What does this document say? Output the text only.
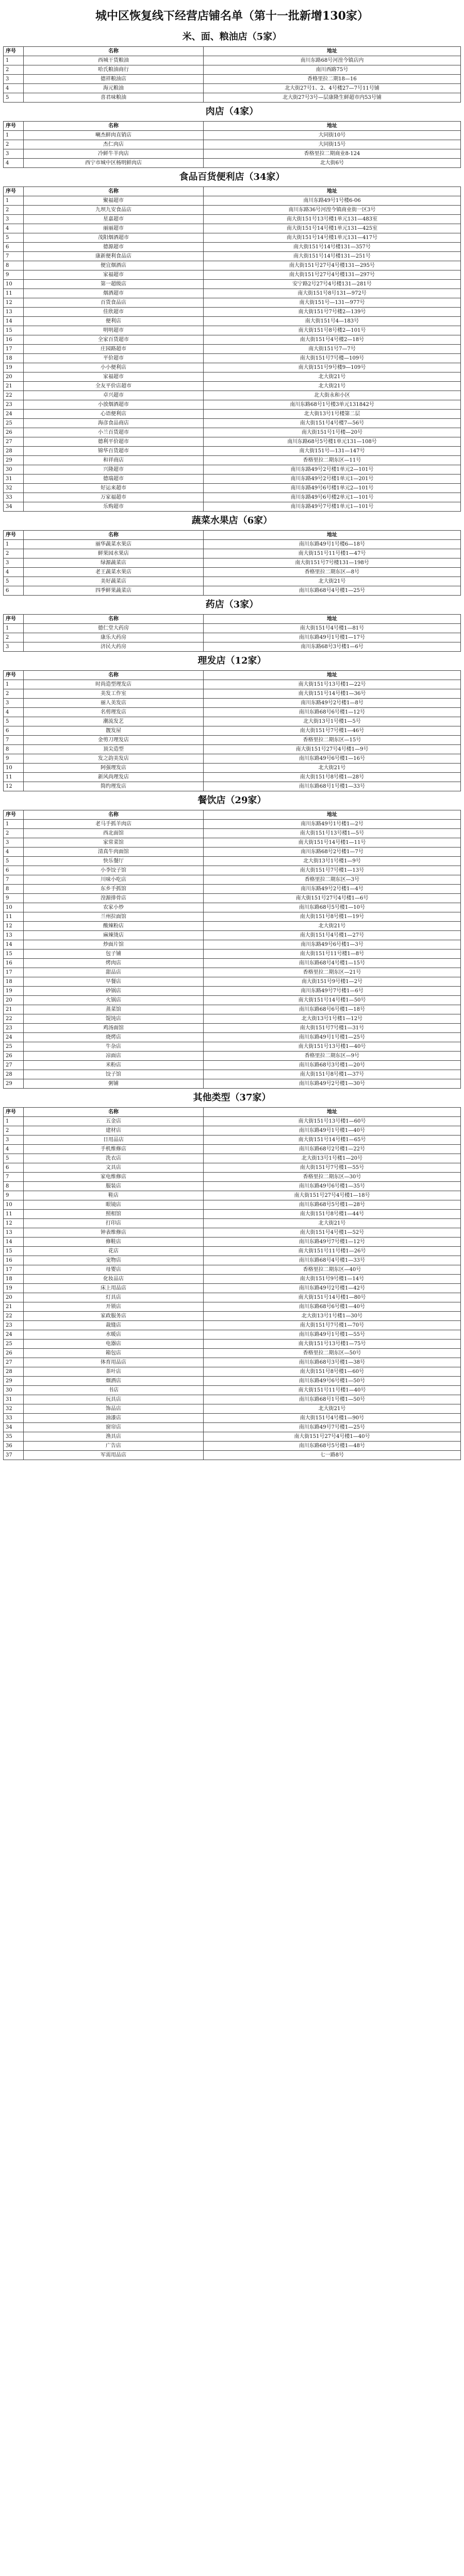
城中区恢复线下经营店铺名单（第十一批新增130家）
米、面、粮油店（5家）
序号	名称	地址
1	西城干货粮油	南川东路68号河湟今镇店内
2	哈氏粮油商行	南川西路75号
3	德祥粮油店	香格里拉二期18—16
4	海元粮油	北大街27号1、2、4号楼27—7号11号铺
5	喜君味粮油	北大街27号3号—层康隆生鲜超市内53号铺
肉店（4家）
序号	名称	地址
1	喇杰鲜肉直销店	大同街10号
2	杰仁肉店	大同街15号
3	冷鲜牛羊肉店	香格里拉二期商业8-124
4	西宁市城中区杨明鲜肉店	北大街6号
食品百货便利店（34家）
序号	名称	地址
1	聚福超市	南川东路49号1号楼6-06
2	九坝九安食品店	南川东路36号河湟今镇商业街一区3号
3	星嘉超市	南大街151号13号楼1单元131—483室
4	丽丽超市	南大街151号14号楼1单元131—425室
5	茂阳烟酒超市	南大街151号14号楼1单元131—417号
6	德源超市	南大街151号14号楼131—357号
7	康新便利食品店	南大街151号14号楼131—251号
8	便宜烟酒店	南大街151号27号4号楼131—295号
9	家福超市	南大街151号27号4号楼131—297号
10	第一超级店	安宁路2号27号4号楼131—281号
11	烟酒超市	南大街151号8号131—972号
12	百货食品店	南大街151号—131—977号
13	佳欣超市	南大街151号7号楼2—139号
14	便利店	南大街151号4—183号
15	明明超市	南大街151号8号楼2—101号
16	全家百货超市	南大街151号4号楼2—18号
17	庄园路超市	南大街151号7—7号
18	平价超市	南大街151号7号楼—109号
19	小小便利店	南大街151号9号楼9—109号
20	家福超市	北大街21号
21	全友平价店超市	北大街21号
22	卓兴超市	北大街永和小区
23	小放烟酒超市	南川东路68号1号楼3单元131842号
24	心语便利店	北大街13号1号楼第二层
25	海彦食品商店	南大街151号4号楼7—56号
26	小兰百货超市	南大街151号1号楼—20号
27	德利平价超市	南川东路68号5号楼1单元131—108号
28	锦华百货超市	南大街151号—131—147号
29	和祥商店	香格里拉二期东区—11号
30	兴隆超市	南川东路49号2号楼1单元2—101号
31	德瑞超市	南川东路49号2号楼1单元1—201号
32	好运来超市	南川东路49号6号楼1单元2—101号
33	万家福超市	南川东路49号6号楼2单元1—101号
34	乐购超市	南川东路49号7号楼1单元1—101号
蔬菜水果店（6家）
序号	名称	地址
1	丽华蔬菜水果店	南川东路49号1号楼6—18号
2	鲜果园水果店	南大街151号11号楼1—47号
3	绿源蔬菜店	南大街151号7号楼131—198号
4	老王蔬菜水果店	香格里拉二期东区—8号
5	美好蔬菜店	北大街21号
6	四季鲜果蔬菜店	南川东路68号4号楼1—25号
药店（3家）
序号	名称	地址
1	德仁堂大药房	南大街151号4号楼1—81号
2	康乐大药房	南川东路49号1号楼1—17号
3	济民大药房	南川东路68号3号楼1—6号
理发店（12家）
序号	名称	地址
1	时尚造型理发店	南大街151号13号楼1—22号
2	美发工作室	南大街151号14号楼1—36号
3	丽人美发店	南川东路49号2号楼1—8号
4	名剪理发店	南川东路68号6号楼1—12号
5	潮流发艺	北大街13号1号楼1—5号
6	靓发屋	南大街151号7号楼1—46号
7	金剪刀理发店	香格里拉二期东区—15号
8	顶尖造型	南大街151号27号4号楼1—9号
9	发之韵美发店	南川东路49号6号楼1—16号
10	阿强理发店	北大街21号
11	新风尚理发店	南大街151号8号楼1—28号
12	简约理发店	南川东路68号1号楼1—33号
餐饮店（29家）
序号	名称	地址
1	老马手抓羊肉店	南川东路49号1号楼1—2号
2	西北面馆	南大街151号13号楼1—5号
3	家常菜馆	南大街151号14号楼1—11号
4	清真牛肉面馆	南川东路68号2号楼1—7号
5	快乐餐厅	北大街13号1号楼1—9号
6	小李饺子馆	南大街151号7号楼1—13号
7	川味小吃店	香格里拉二期东区—3号
8	东乡手抓馆	南川东路49号2号楼1—4号
9	湟源排骨店	南大街151号27号4号楼1—6号
10	农家小炒	南川东路68号5号楼1—10号
11	兰州拉面馆	南大街151号8号楼1—19号
12	酸辣粉店	北大街21号
13	麻辣烫店	南大街151号4号楼1—27号
14	炒面片馆	南川东路49号6号楼1—3号
15	包子铺	南大街151号11号楼1—8号
16	烤肉店	南川东路68号4号楼1—15号
17	甜品店	香格里拉二期东区—21号
18	早餐店	南大街151号9号楼1—2号
19	砂锅店	南川东路49号7号楼1—6号
20	火锅店	南大街151号14号楼1—50号
21	蒸菜馆	南川东路68号6号楼1—18号
22	馄饨店	北大街13号1号楼1—12号
23	鸡汤面馆	南大街151号7号楼1—31号
24	烧烤店	南川东路49号1号楼1—25号
25	牛杂店	南大街151号13号楼1—40号
26	凉面店	香格里拉二期东区—9号
27	米粉店	南川东路68号3号楼1—20号
28	饺子馆	南大街151号8号楼1—37号
29	粥铺	南川东路49号2号楼1—30号
其他类型（37家）
序号	名称	地址
1	五金店	南大街151号13号楼1—60号
2	建材店	南川东路49号1号楼1—40号
3	日用品店	南大街151号14号楼1—65号
4	手机维修店	南川东路68号2号楼1—22号
5	洗衣店	北大街13号1号楼1—20号
6	文具店	南大街151号7号楼1—55号
7	家电维修店	香格里拉二期东区—30号
8	服装店	南川东路49号6号楼1—35号
9	鞋店	南大街151号27号4号楼1—18号
10	眼镜店	南川东路68号5号楼1—28号
11	照相馆	南大街151号8号楼1—44号
12	打印店	北大街21号
13	钟表维修店	南大街151号4号楼1—52号
14	修鞋店	南川东路49号7号楼1—12号
15	花店	南大街151号11号楼1—26号
16	宠物店	南川东路68号4号楼1—33号
17	母婴店	香格里拉二期东区—40号
18	化妆品店	南大街151号9号楼1—14号
19	床上用品店	南川东路49号2号楼1—42号
20	灯具店	南大街151号14号楼1—80号
21	开锁店	南川东路68号6号楼1—40号
22	家政服务店	北大街13号1号楼1—30号
23	裁缝店	南大街151号7号楼1—70号
24	水暖店	南川东路49号1号楼1—55号
25	电器店	南大街151号13号楼1—75号
26	箱包店	香格里拉二期东区—50号
27	体育用品店	南川东路68号3号楼1—38号
28	茶叶店	南大街151号8号楼1—60号
29	烟酒店	南川东路49号6号楼1—50号
30	书店	南大街151号11号楼1—40号
31	玩具店	南川东路68号1号楼1—50号
32	饰品店	北大街21号
33	油漆店	南大街151号4号楼1—90号
34	窗帘店	南川东路49号7号楼1—25号
35	渔具店	南大街151号27号4号楼1—40号
36	广告店	南川东路68号5号楼1—48号
37	军需用品店	七一路8号
